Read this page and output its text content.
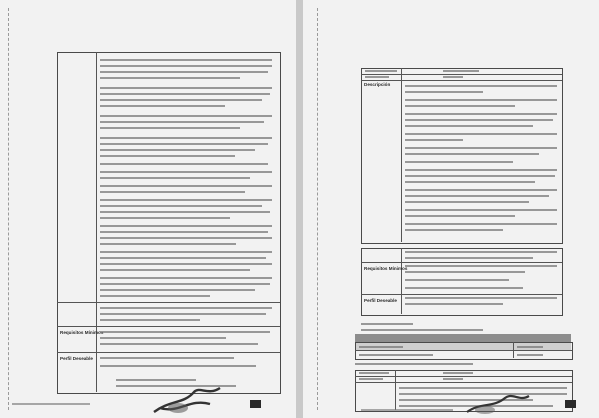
Requisitos Mínimos
Perfil Deseable
Descripción
Requisitos Mínimos
Perfil Deseable
